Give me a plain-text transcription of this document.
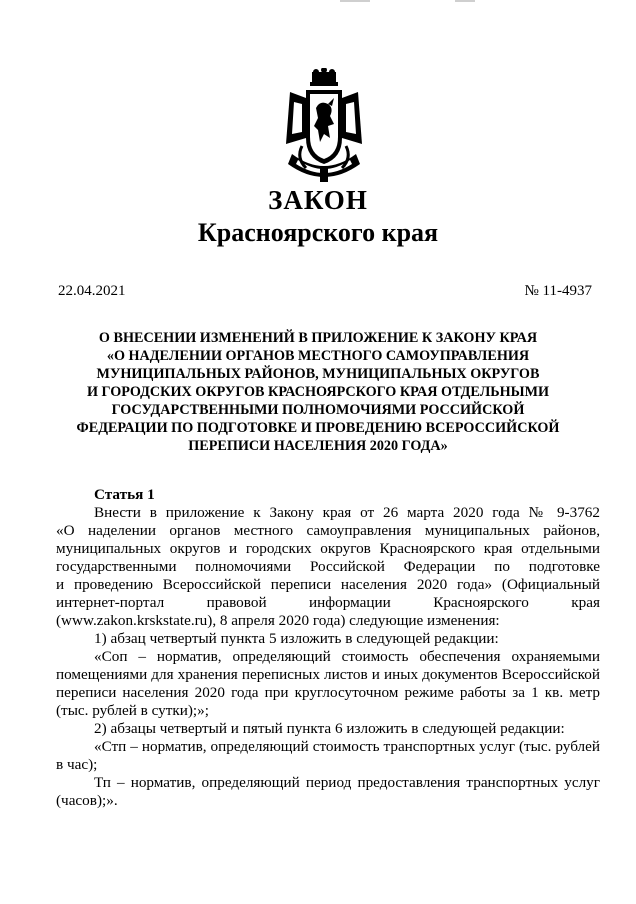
ЗАКОН
Красноярского края
22.04.2021	№ 11-4937
О ВНЕСЕНИИ ИЗМЕНЕНИЙ В ПРИЛОЖЕНИЕ К ЗАКОНУ КРАЯ
«О НАДЕЛЕНИИ ОРГАНОВ МЕСТНОГО САМОУПРАВЛЕНИЯ
МУНИЦИПАЛЬНЫХ РАЙОНОВ, МУНИЦИПАЛЬНЫХ ОКРУГОВ
И ГОРОДСКИХ ОКРУГОВ КРАСНОЯРСКОГО КРАЯ ОТДЕЛЬНЫМИ
ГОСУДАРСТВЕННЫМИ ПОЛНОМОЧИЯМИ РОССИЙСКОЙ
ФЕДЕРАЦИИ ПО ПОДГОТОВКЕ И ПРОВЕДЕНИЮ ВСЕРОССИЙСКОЙ
ПЕРЕПИСИ НАСЕЛЕНИЯ 2020 ГОДА»
Статья 1
Внести в приложение к Закону края от 26 марта 2020 года № 9-3762
«О наделении органов местного самоуправления муниципальных районов,
муниципальных округов и городских округов Красноярского края отдельными
государственными полномочиями Российской Федерации по подготовке
и проведению Всероссийской переписи населения 2020 года» (Официальный
интернет-портал правовой информации Красноярского края
(www.zakon.krskstate.ru), 8 апреля 2020 года) следующие изменения:
1) абзац четвертый пункта 5 изложить в следующей редакции:
«Соп – норматив, определяющий стоимость обеспечения охраняемыми
помещениями для хранения переписных листов и иных документов Всероссийской
переписи населения 2020 года при круглосуточном режиме работы за 1 кв. метр
(тыс. рублей в сутки);»;
2) абзацы четвертый и пятый пункта 6 изложить в следующей редакции:
«Стп – норматив, определяющий стоимость транспортных услуг (тыс. рублей
в час);
Тп – норматив, определяющий период предоставления транспортных услуг
(часов);».
